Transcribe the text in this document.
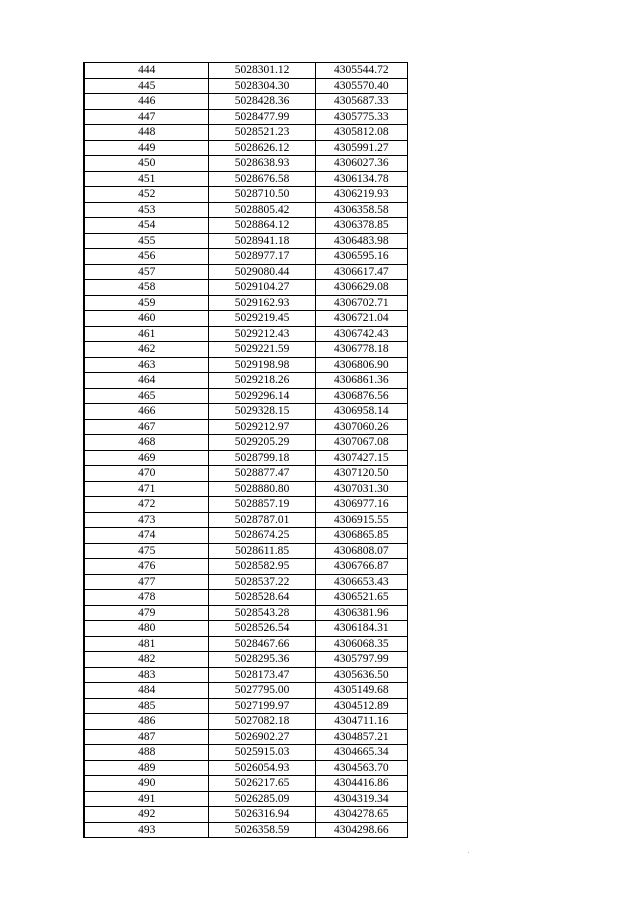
444	5028301.12	4305544.72
445	5028304.30	4305570.40
446	5028428.36	4305687.33
447	5028477.99	4305775.33
448	5028521.23	4305812.08
449	5028626.12	4305991.27
450	5028638.93	4306027.36
451	5028676.58	4306134.78
452	5028710.50	4306219.93
453	5028805.42	4306358.58
454	5028864.12	4306378.85
455	5028941.18	4306483.98
456	5028977.17	4306595.16
457	5029080.44	4306617.47
458	5029104.27	4306629.08
459	5029162.93	4306702.71
460	5029219.45	4306721.04
461	5029212.43	4306742.43
462	5029221.59	4306778.18
463	5029198.98	4306806.90
464	5029218.26	4306861.36
465	5029296.14	4306876.56
466	5029328.15	4306958.14
467	5029212.97	4307060.26
468	5029205.29	4307067.08
469	5028799.18	4307427.15
470	5028877.47	4307120.50
471	5028880.80	4307031.30
472	5028857.19	4306977.16
473	5028787.01	4306915.55
474	5028674.25	4306865.85
475	5028611.85	4306808.07
476	5028582.95	4306766.87
477	5028537.22	4306653.43
478	5028528.64	4306521.65
479	5028543.28	4306381.96
480	5028526.54	4306184.31
481	5028467.66	4306068.35
482	5028295.36	4305797.99
483	5028173.47	4305636.50
484	5027795.00	4305149.68
485	5027199.97	4304512.89
486	5027082.18	4304711.16
487	5026902.27	4304857.21
488	5025915.03	4304665.34
489	5026054.93	4304563.70
490	5026217.65	4304416.86
491	5026285.09	4304319.34
492	5026316.94	4304278.65
493	5026358.59	4304298.66
